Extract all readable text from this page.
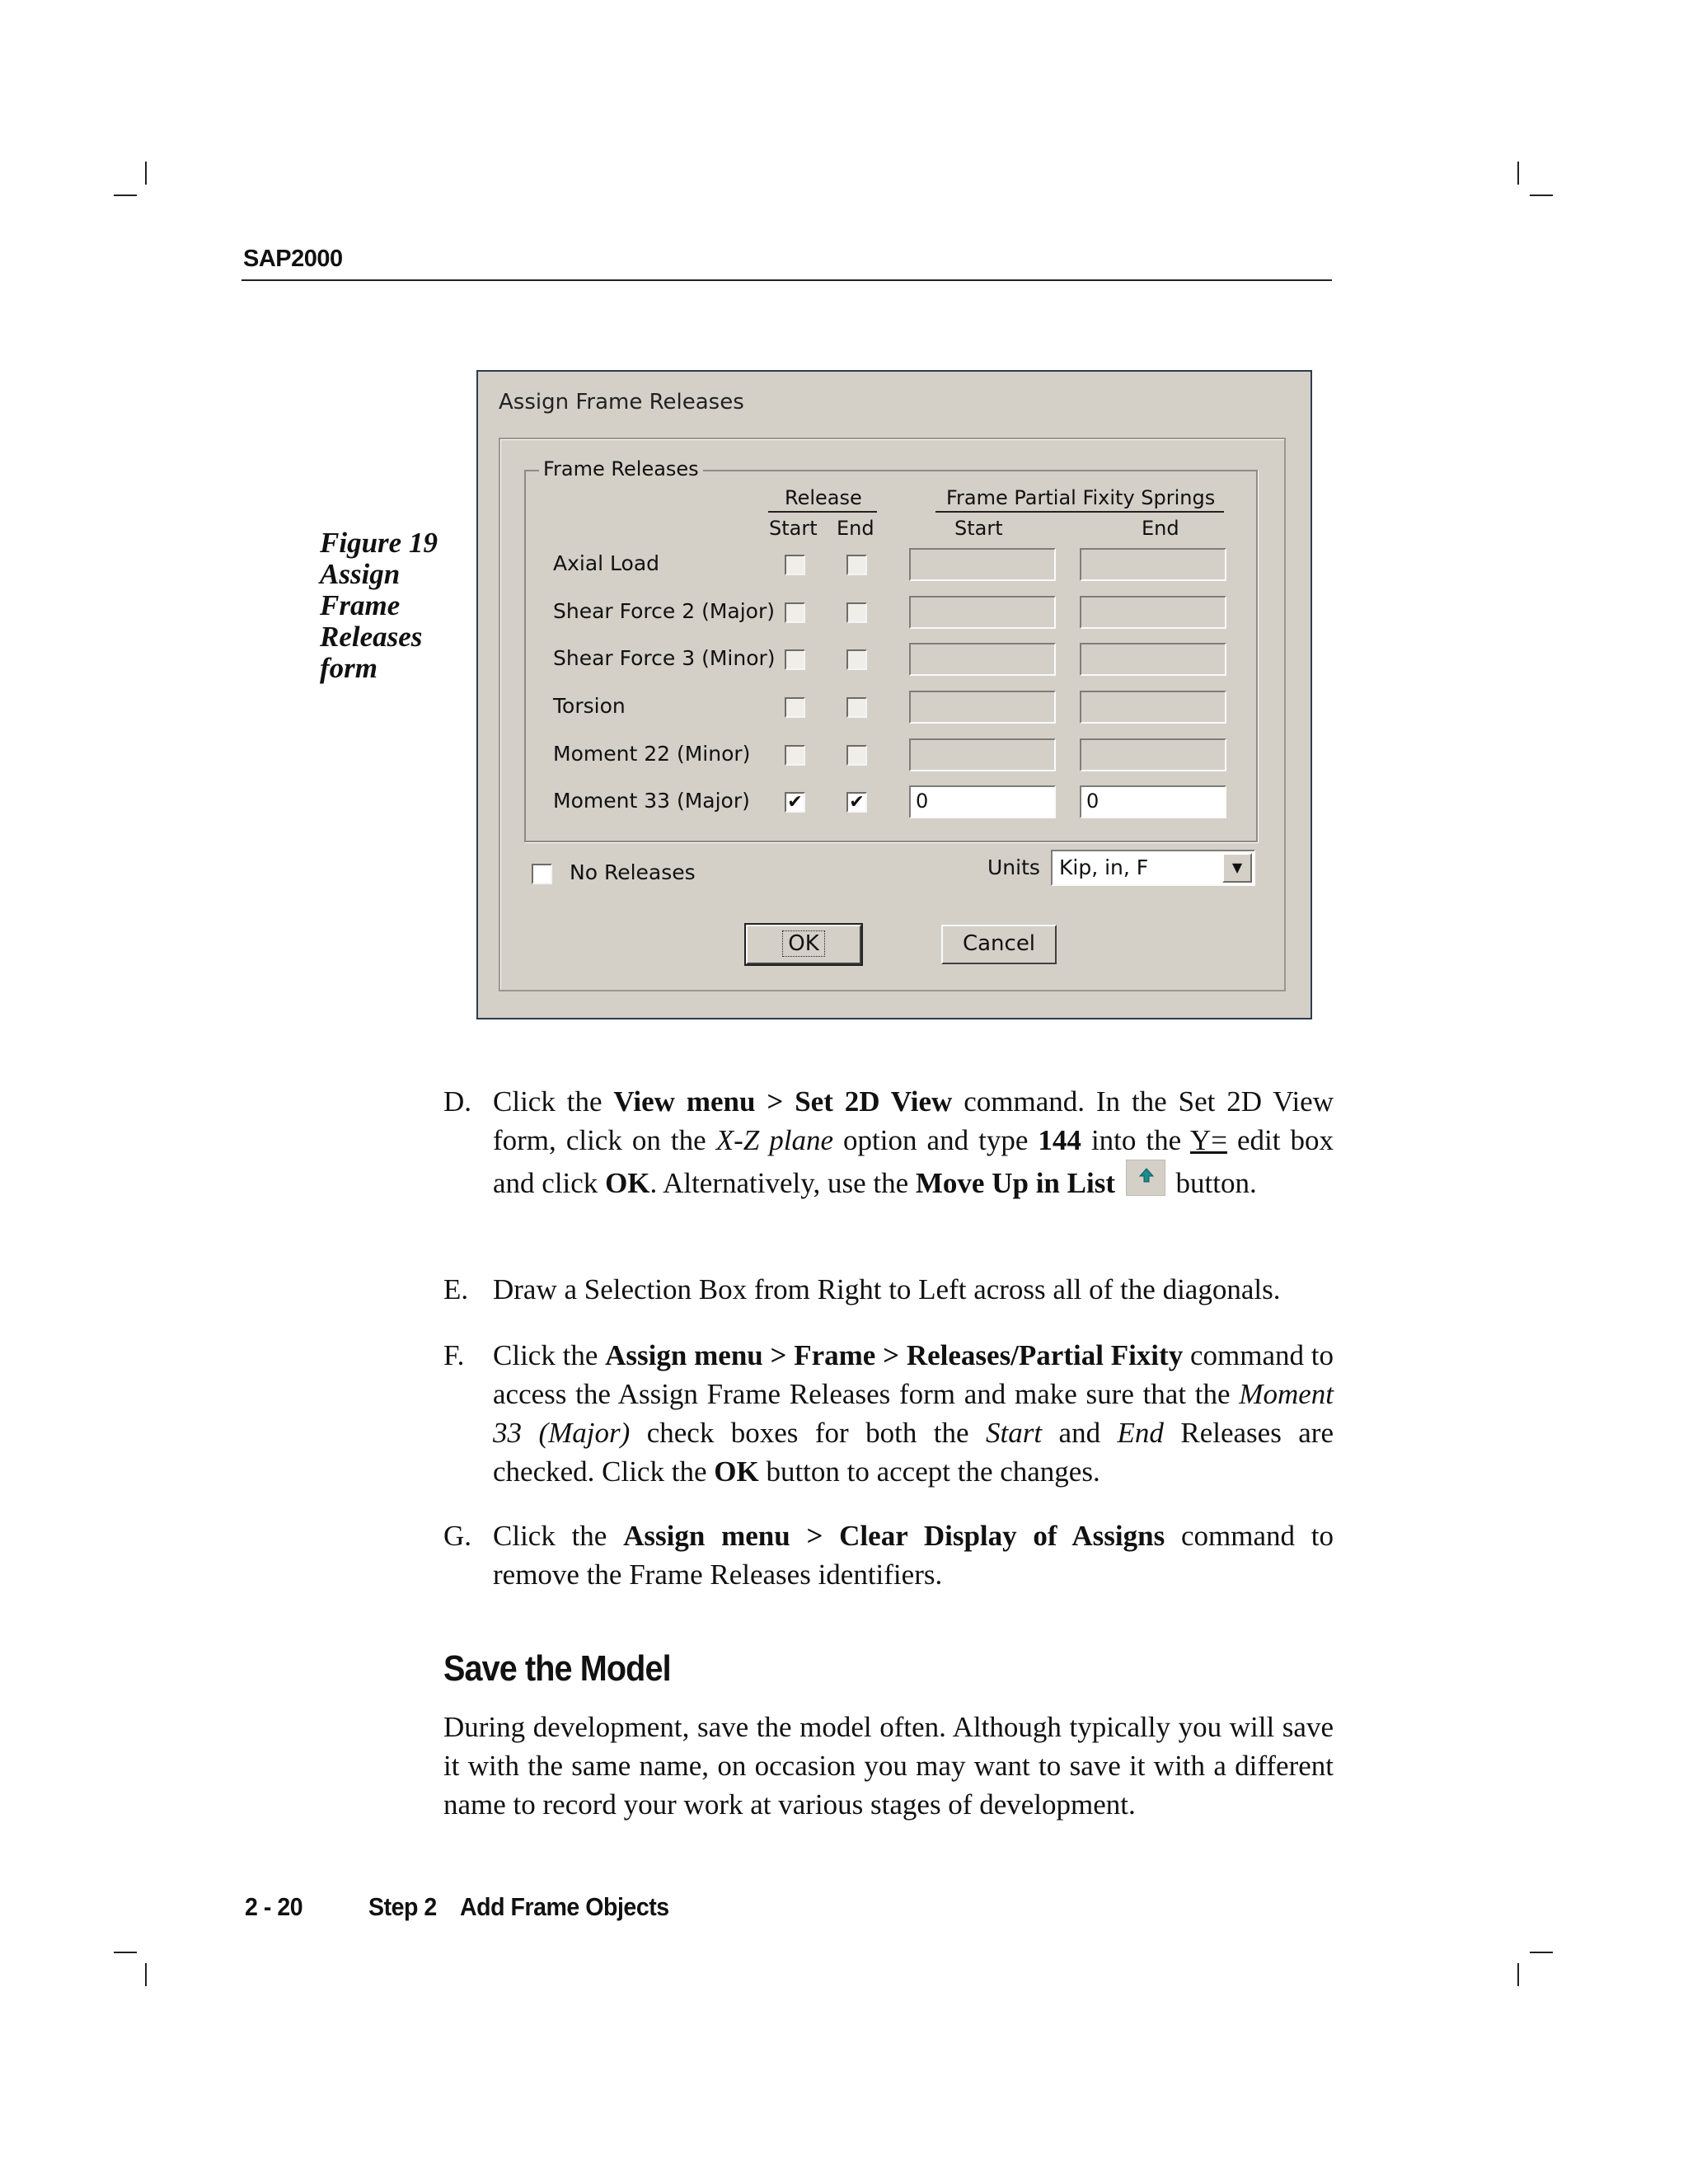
SAP2000
Figure 19
Assign
Frame
Releases
form
Assign Frame Releases
Frame Releases
Release	Frame Partial Fixity Springs
Start End	Start	End
Axial Load
Shear Force 2 (Major)
Shear Force 3 (Minor)
Torsion
Moment 22 (Minor)
Moment 33 (Major) ✔	✔	0	0
No Releases	Units Kip, in, F	▼
OK	Cancel
D. Click the View menu > Set 2D View command. In the Set 2D View form, click on the X-Z plane option and type 144 into the Y= edit box and click OK. Alternatively, use the Move Up in List
button.
E. Draw a Selection Box from Right to Left across all of the diagonals.
F. Click the Assign menu > Frame > Releases/Partial Fixity command to access the Assign Frame Releases form and make sure that the Moment 33 (Major) check boxes for both the Start and End Releases are checked. Click the OK button to accept the changes.
G. Click the Assign menu > Clear Display of Assigns command to remove the Frame Releases identifiers.
Save the Model
During development, save the model often. Although typically you will save it with the same name, on occasion you may want to save it with a different name to record your work at various stages of development.
2 - 20	Step 2 Add Frame Objects
